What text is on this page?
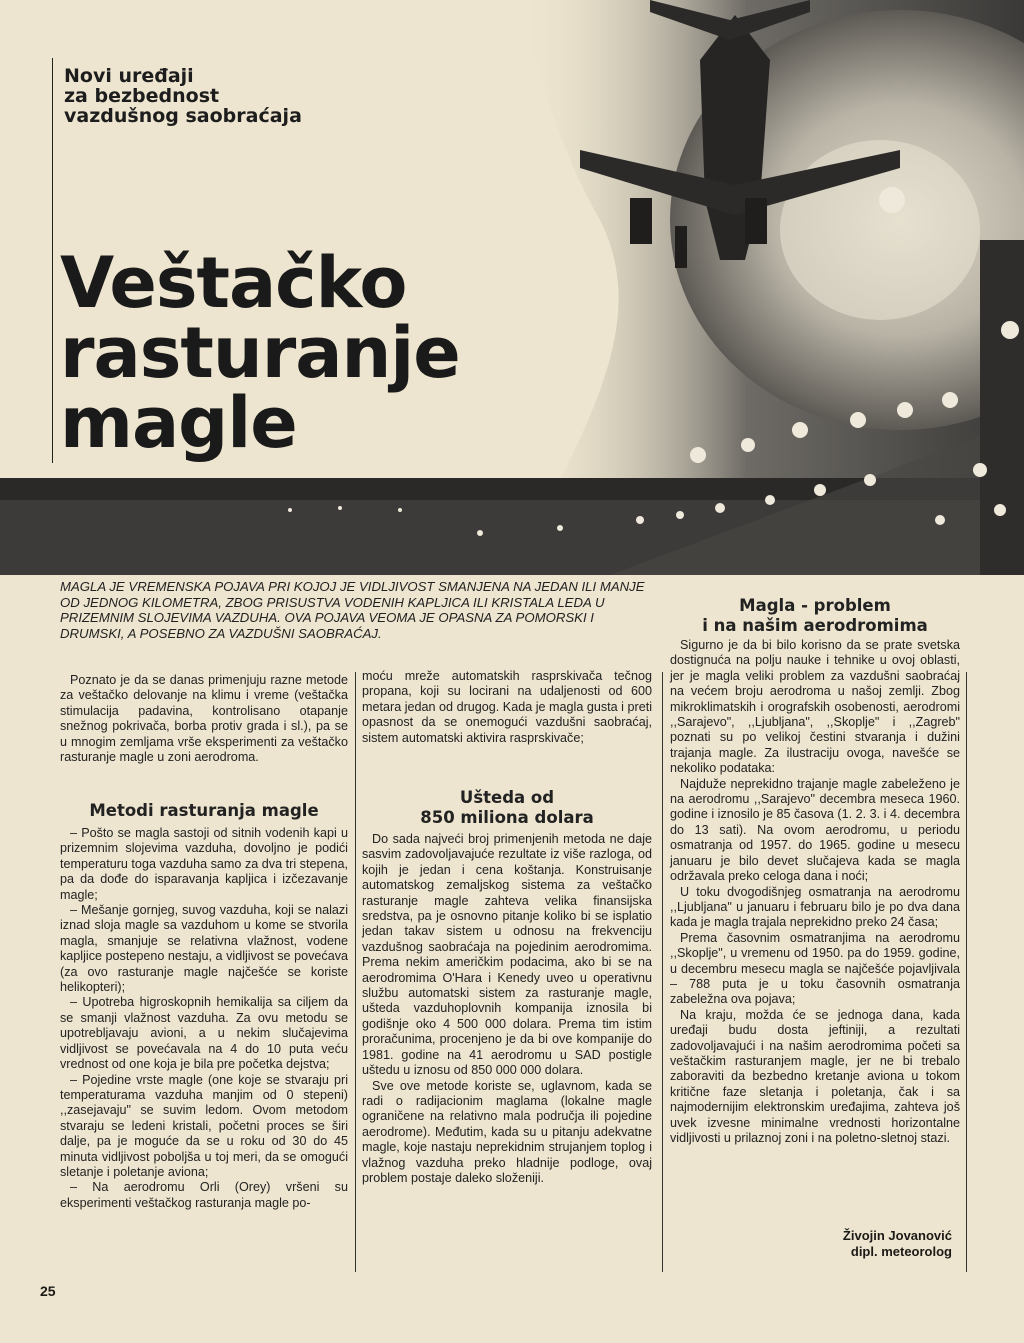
Novi uređaji
za bezbednost
vazdušnog saobraćaja
Veštačko
rasturanje
magle
MAGLA JE VREMENSKA POJAVA PRI KOJOJ JE VIDLJIVOST SMANJENA NA JEDAN ILI MANJE OD JEDNOG KILOMETRA, ZBOG PRISUSTVA VODENIH KAPLJICA ILI KRISTALA LEDA U PRIZEMNIM SLOJEVIMA VAZDUHA. OVA POJAVA VEOMA JE OPASNA ZA POMORSKI I DRUMSKI, A POSEBNO ZA VAZDUŠNI SAOBRAĆAJ.

Poznato je da se danas primenjuju razne metode za veštačko delovanje na klimu i vreme (veštačka stimulacija padavina, kontrolisano otapanje snežnog pokrivača, borba protiv grada i sl.), pa se u mnogim zemljama vrše eksperimenti za veštačko rasturanje magle u zoni aerodroma.

Metodi rasturanja magle

– Pošto se magla sastoji od sitnih vodenih kapi u prizemnim slojevima vazduha, dovoljno je podići temperaturu toga vazduha samo za dva tri stepena, pa da dođe do isparavanja kapljica i izčezavanje magle;

– Mešanje gornjeg, suvog vazduha, koji se nalazi iznad sloja magle sa vazduhom u kome se stvorila magla, smanjuje se relativna vlažnost, vodene kapljice postepeno nestaju, a vidljivost se povećava (za ovo rasturanje magle najčešće se koriste helikopteri);

– Upotreba higroskopnih hemikalija sa ciljem da se smanji vlažnost vazduha. Za ovu metodu se upotrebljavaju avioni, a u nekim slučajevima vidljivost se povećavala na 4 do 10 puta veću vrednost od one koja je bila pre početka dejstva;

– Pojedine vrste magle (one koje se stvaraju pri temperaturama vazduha manjim od 0 stepeni) ,,zasejavaju" se suvim ledom. Ovom metodom stvaraju se ledeni kristali, početni proces se širi dalje, pa je moguće da se u roku od 30 do 45 minuta vidljivost poboljša u toj meri, da se omogući sletanje i poletanje aviona;

– Na aerodromu Orli (Orey) vršeni su eksperimenti veštačkog rasturanja magle po-

moću mreže automatskih rasprskivača tečnog propana, koji su locirani na udaljenosti od 600 metara jedan od drugog. Kada je magla gusta i preti opasnost da se onemogući vazdušni saobraćaj, sistem automatski aktivira rasprskivače;

Ušteda od
850 miliona dolara

Do sada najveći broj primenjenih metoda ne daje sasvim zadovoljavajuće rezultate iz više razloga, od kojih je jedan i cena koštanja. Konstruisanje automatskog zemaljskog sistema za veštačko rasturanje magle zahteva velika finansijska sredstva, pa je osnovno pitanje koliko bi se isplatio jedan takav sistem u odnosu na frekvenciju vazdušnog saobraćaja na pojedinim aerodromima. Prema nekim američkim podacima, ako bi se na aerodromima O'Hara i Kenedy uveo u operativnu službu automatski sistem za rasturanje magle, ušteda vazduhoplovnih kompanija iznosila bi godišnje oko 4 500 000 dolara. Prema tim istim proračunima, procenjeno je da bi ove kompanije do 1981. godine na 41 aerodromu u SAD postigle uštedu u iznosu od 850 000 000 dolara.

Sve ove metode koriste se, uglavnom, kada se radi o radijacionim maglama (lokalne magle ograničene na relativno mala područja ili pojedine aerodrome). Međutim, kada su u pitanju adekvatne magle, koje nastaju neprekidnim strujanjem toplog i vlažnog vazduha preko hladnije podloge, ovaj problem postaje daleko složeniji.

Magla - problem
i na našim aerodromima

Sigurno je da bi bilo korisno da se prate svetska dostignuća na polju nauke i tehnike u ovoj oblasti, jer je magla veliki problem za vazdušni saobraćaj na većem broju aerodroma u našoj zemlji. Zbog mikroklimatskih i orografskih osobenosti, aerodromi ,,Sarajevo", ,,Ljubljana", ,,Skoplje" i ,,Zagreb" poznati su po velikoj čestini stvaranja i dužini trajanja magle. Za ilustraciju ovoga, navešće se nekoliko podataka:

Najduže neprekidno trajanje magle zabeleženo je na aerodromu ,,Sarajevo" decembra meseca 1960. godine i iznosilo je 85 časova (1. 2. 3. i 4. decembra do 13 sati). Na ovom aerodromu, u periodu osmatranja od 1957. do 1965. godine u mesecu januaru je bilo devet slučajeva kada se magla održavala preko celoga dana i noći;

U toku dvogodišnjeg osmatranja na aerodromu ,,Ljubljana" u januaru i februaru bilo je po dva dana kada je magla trajala neprekidno preko 24 časa;

Prema časovnim osmatranjima na aerodromu ,,Skoplje", u vremenu od 1950. pa do 1959. godine, u decembru mesecu magla se najčešće pojavljivala – 788 puta je u toku časovnih osmatranja zabeležna ova pojava;

Na kraju, možda će se jednoga dana, kada uređaji budu dosta jeftiniji, a rezultati zadovoljavajući i na našim aerodromima početi sa veštačkim rasturanjem magle, jer ne bi trebalo zaboraviti da bezbedno kretanje aviona u tokom kritične faze sletanja i poletanja, čak i sa najmodernijim elektronskim uređajima, zahteva još uvek izvesne minimalne vrednosti horizontalne vidljivosti u prilaznoj zoni i na poletno-sletnoj stazi.

Živojin Jovanović
dipl. meteorolog
25
